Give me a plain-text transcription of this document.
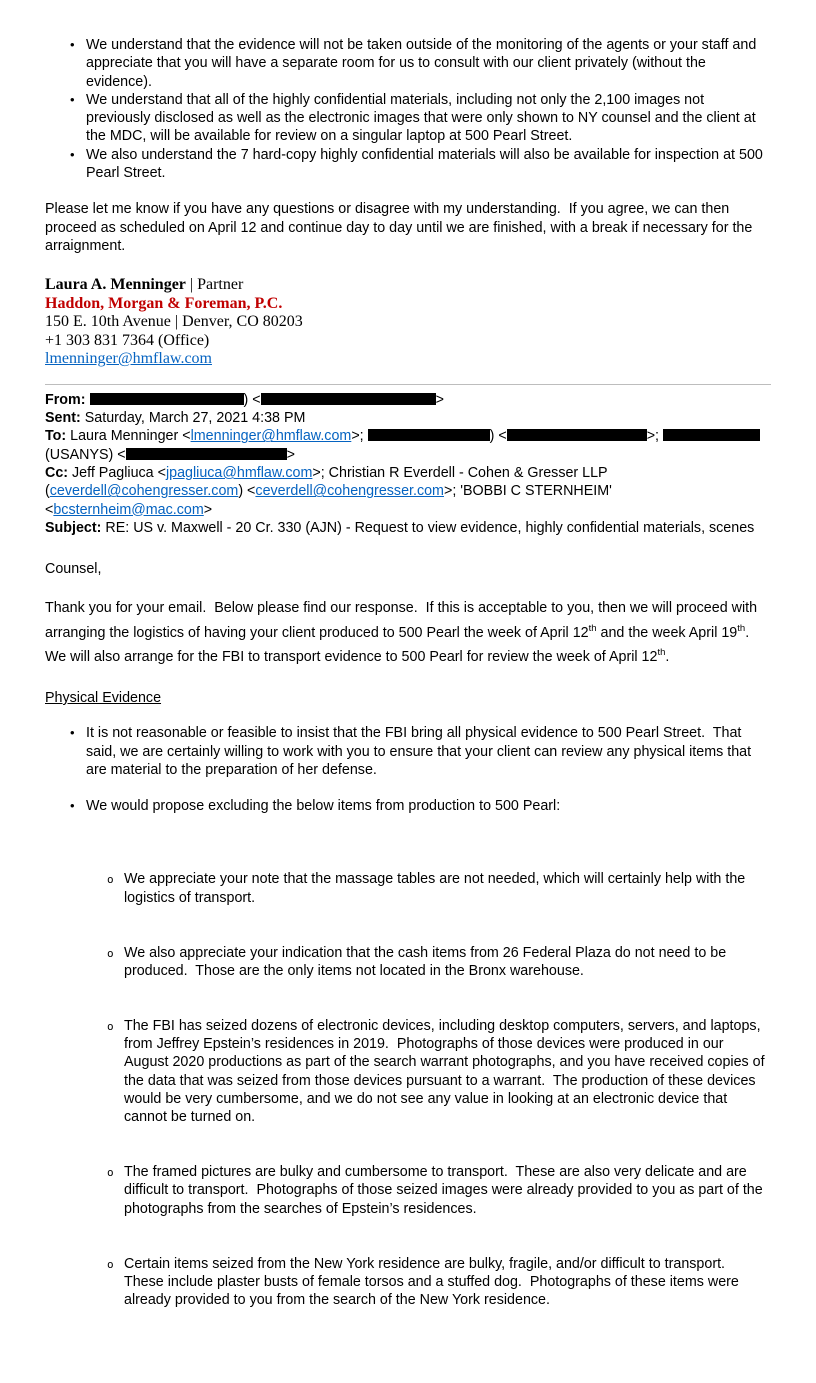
• We understand that the evidence will not be taken outside of the monitoring of the agents or your staff and appreciate that you will have a separate room for us to consult with our client privately (without the evidence).
• We understand that all of the highly confidential materials, including not only the 2,100 images not previously disclosed as well as the electronic images that were only shown to NY counsel and the client at the MDC, will be available for review on a singular laptop at 500 Pearl Street.
• We also understand the 7 hard-copy highly confidential materials will also be available for inspection at 500 Pearl Street.

Please let me know if you have any questions or disagree with my understanding.  If you agree, we can then proceed as scheduled on April 12 and continue day to day until we are finished, with a break if necessary for the arraignment.

Laura A. Menninger | Partner
Haddon, Morgan & Foreman, P.C.
150 E. 10th Avenue | Denver, CO 80203
+1 303 831 7364 (Office)
lmenninger@hmflaw.com

From:	) <	>

Sent: Saturday, March 27, 2021 4:38 PM

To: Laura Menninger <lmenninger@hmflaw.com>;	) <	>;	(USANYS) <	>

Cc: Jeff Pagliuca <jpagliuca@hmflaw.com>; Christian R Everdell - Cohen & Gresser LLP (ceverdell@cohengresser.com) <ceverdell@cohengresser.com>; 'BOBBI C STERNHEIM' <bcsternheim@mac.com>

Subject: RE: US v. Maxwell - 20 Cr. 330 (AJN) - Request to view evidence, highly confidential materials, scenes

Counsel,

Thank you for your email.  Below please find our response.  If this is acceptable to you, then we will proceed with arranging the logistics of having your client produced to 500 Pearl the week of April 12th and the week April 19th.  We will also arrange for the FBI to transport evidence to 500 Pearl for review the week of April 12th.

Physical Evidence

• It is not reasonable or feasible to insist that the FBI bring all physical evidence to 500 Pearl Street.  That said, we are certainly willing to work with you to ensure that your client can review any physical items that are material to the preparation of her defense.
• We would propose excluding the below items from production to 500 Pearl:

o We appreciate your note that the massage tables are not needed, which will certainly help with the logistics of transport.

o We also appreciate your indication that the cash items from 26 Federal Plaza do not need to be produced.  Those are the only items not located in the Bronx warehouse.

o The FBI has seized dozens of electronic devices, including desktop computers, servers, and laptops, from Jeffrey Epstein’s residences in 2019.  Photographs of those devices were produced in our August 2020 productions as part of the search warrant photographs, and you have received copies of the data that was seized from those devices pursuant to a warrant.  The production of these devices would be very cumbersome, and we do not see any value in looking at an electronic device that cannot be turned on.

o The framed pictures are bulky and cumbersome to transport.  These are also very delicate and are difficult to transport.  Photographs of those seized images were already provided to you as part of the photographs from the searches of Epstein’s residences.

o Certain items seized from the New York residence are bulky, fragile, and/or difficult to transport.  These include plaster busts of female torsos and a stuffed dog.  Photographs of these items were already provided to you from the search of the New York residence.
